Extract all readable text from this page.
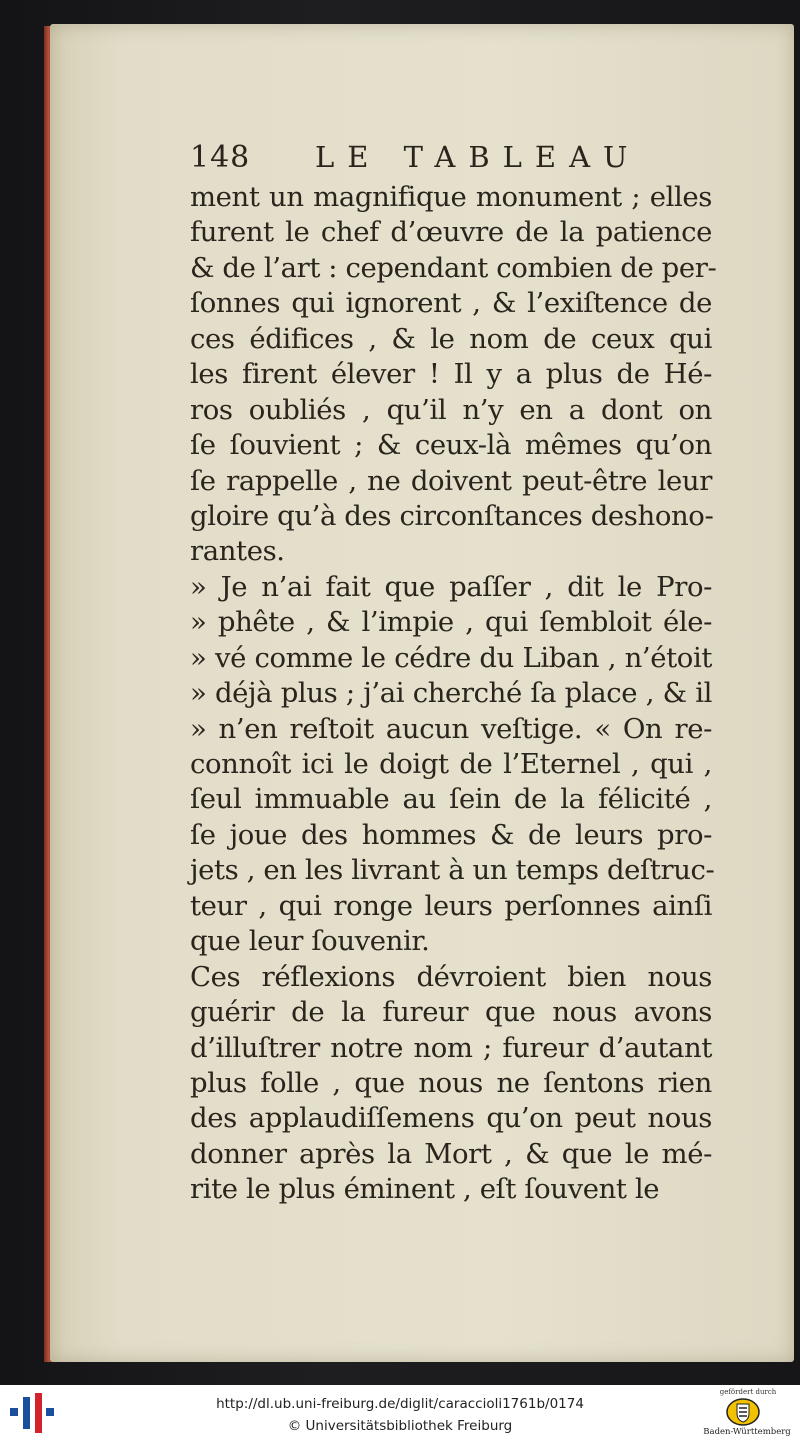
148 LE TABLEAU
ment un magnifique monument ; elles
furent le chef d’œuvre de la patience
& de l’art : cependant combien de per-
ſonnes qui ignorent , & l’exiſtence de
ces édifices , & le nom de ceux qui
les firent élever ! Il y a plus de Hé-
ros oubliés , qu’il n’y en a dont on
ſe ſouvient ; & ceux-là mêmes qu’on
ſe rappelle , ne doivent peut-être leur
gloire qu’à des circonſtances deshono-
rantes.
» Je n’ai fait que paſſer , dit le Pro-
» phête , & l’impie , qui ſembloit éle-
» vé comme le cédre du Liban , n’étoit
» déjà plus ; j’ai cherché ſa place , & il
» n’en reſtoit aucun veſtige. « On re-
connoît ici le doigt de l’Eternel , qui ,
ſeul immuable au ſein de la félicité ,
ſe joue des hommes & de leurs pro-
jets , en les livrant à un temps deſtruc-
teur , qui ronge leurs perſonnes ainſi
que leur ſouvenir.
Ces réflexions dévroient bien nous
guérir de la fureur que nous avons
d’illuſtrer notre nom ; fureur d’autant
plus folle , que nous ne ſentons rien
des applaudiſſemens qu’on peut nous
donner après la Mort , & que le mé-
rite le plus éminent , eſt ſouvent le
http://dl.ub.uni-freiburg.de/diglit/caraccioli1761b/0174
© Universitätsbibliothek Freiburg
gefördert durch
Baden-Württemberg
